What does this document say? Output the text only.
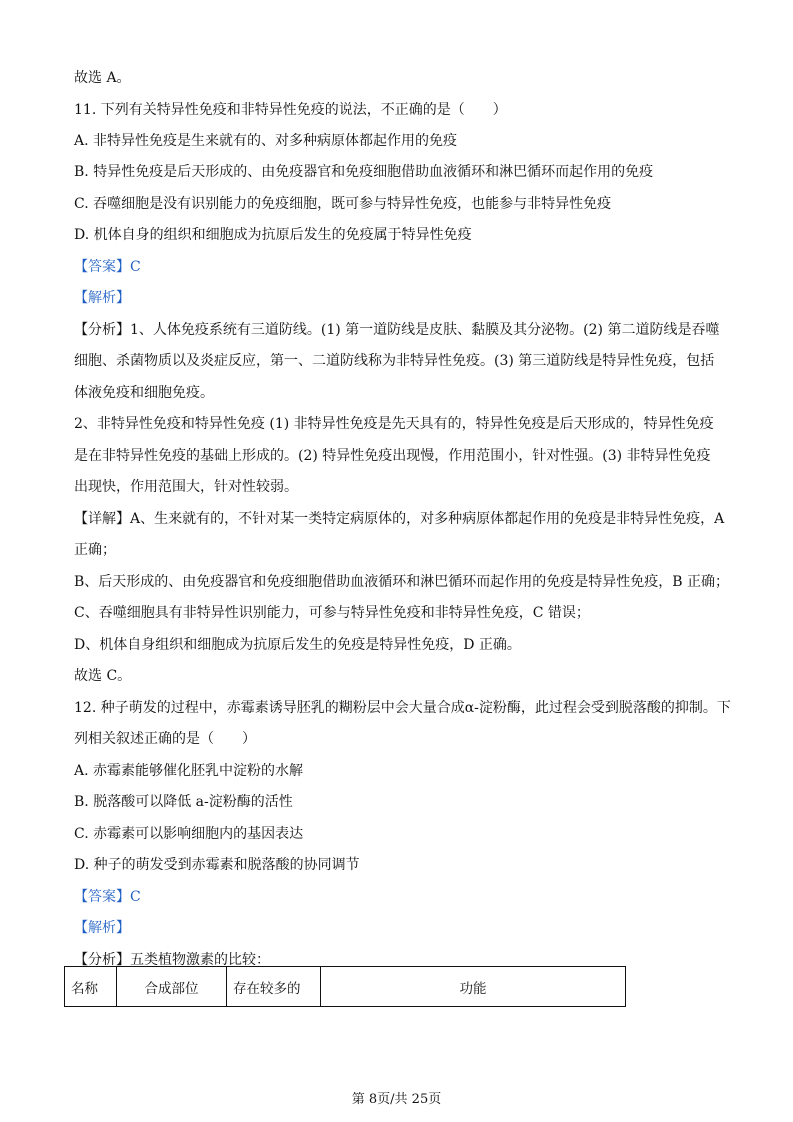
故选 A。
11. 下列有关特异性免疫和非特异性免疫的说法，不正确的是（　　）
A. 非特异性免疫是生来就有的、对多种病原体都起作用的免疫
B. 特异性免疫是后天形成的、由免疫器官和免疫细胞借助血液循环和淋巴循环而起作用的免疫
C. 吞噬细胞是没有识别能力的免疫细胞，既可参与特异性免疫，也能参与非特异性免疫
D. 机体自身的组织和细胞成为抗原后发生的免疫属于特异性免疫
【答案】C
【解析】
【分析】1、人体免疫系统有三道防线。(1) 第一道防线是皮肤、黏膜及其分泌物。(2) 第二道防线是吞噬
细胞、杀菌物质以及炎症反应，第一、二道防线称为非特异性免疫。(3) 第三道防线是特异性免疫，包括
体液免疫和细胞免疫。
2、非特异性免疫和特异性免疫 (1) 非特异性免疫是先天具有的，特异性免疫是后天形成的，特异性免疫
是在非特异性免疫的基础上形成的。(2) 特异性免疫出现慢，作用范围小，针对性强。(3) 非特异性免疫
出现快，作用范围大，针对性较弱。
【详解】A、生来就有的，不针对某一类特定病原体的，对多种病原体都起作用的免疫是非特异性免疫，A
正确；
B、后天形成的、由免疫器官和免疫细胞借助血液循环和淋巴循环而起作用的免疫是特异性免疫，B 正确；
C、吞噬细胞具有非特异性识别能力，可参与特异性免疫和非特异性免疫，C 错误；
D、机体自身组织和细胞成为抗原后发生的免疫是特异性免疫，D 正确。
故选 C。
12. 种子萌发的过程中，赤霉素诱导胚乳的糊粉层中会大量合成α-淀粉酶，此过程会受到脱落酸的抑制。下
列相关叙述正确的是（　　）
A. 赤霉素能够催化胚乳中淀粉的水解
B. 脱落酸可以降低 a-淀粉酶的活性
C. 赤霉素可以影响细胞内的基因表达
D. 种子的萌发受到赤霉素和脱落酸的协同调节
【答案】C
【解析】
【分析】五类植物激素的比较：
名称	合成部位	存在较多的	功能
第 8页/共 25页
